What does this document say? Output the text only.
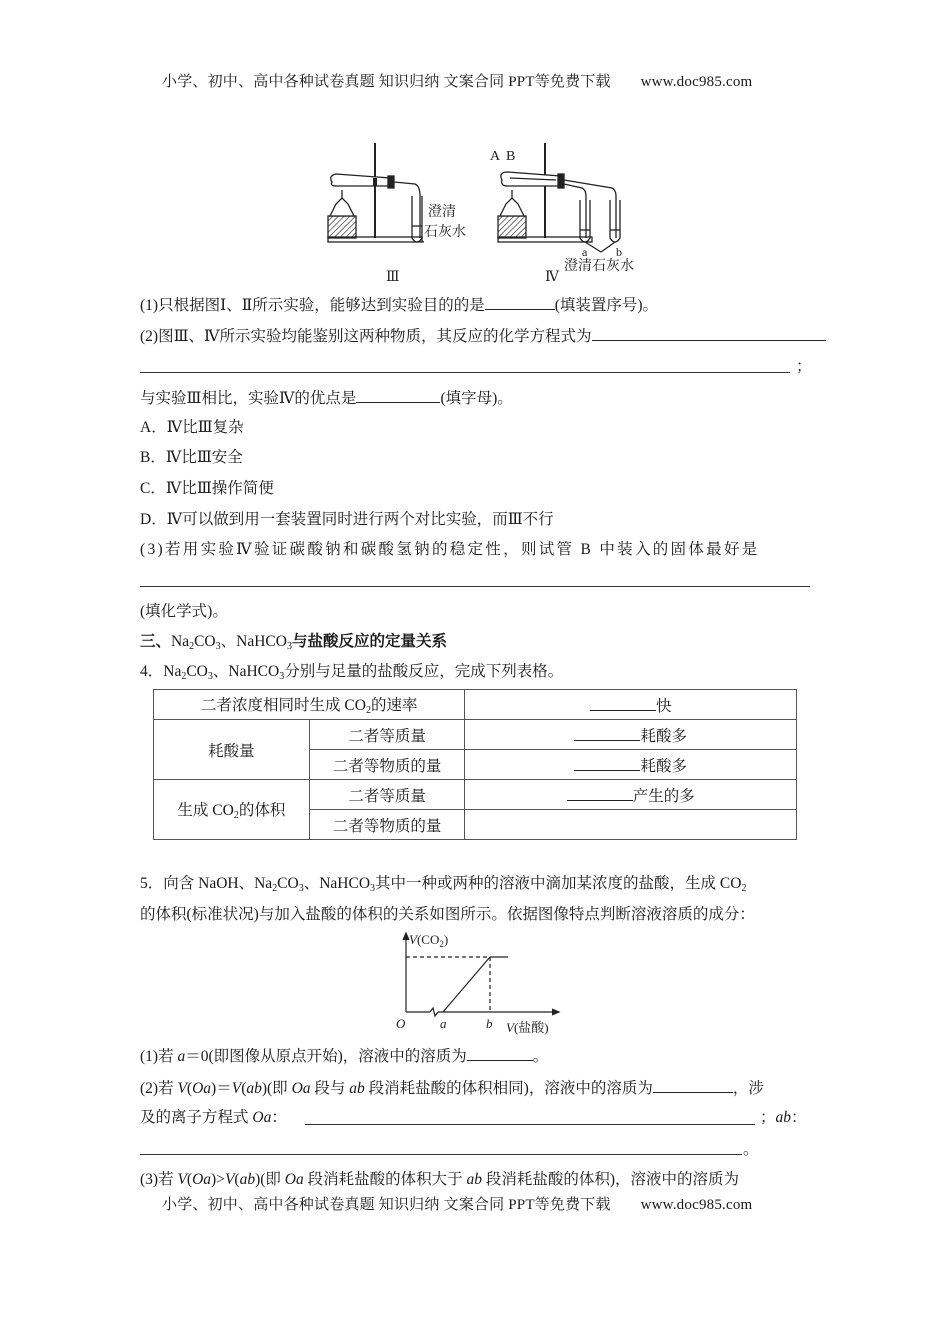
小学、初中、高中各种试卷真题 知识归纳 文案合同 PPT等免费下载 www.doc985.com
澄清
石灰水
Ⅲ
A B
a b
澄清石灰水
Ⅳ
(1)只根据图Ⅰ、Ⅱ所示实验，能够达到实验目的的是	(填装置序号)。
(2)图Ⅲ、Ⅳ所示实验均能鉴别这两种物质，其反应的化学方程式为
；
与实验Ⅲ相比，实验Ⅳ的优点是	(填字母)。
A．Ⅳ比Ⅲ复杂
B．Ⅳ比Ⅲ安全
C．Ⅳ比Ⅲ操作简便
D．Ⅳ可以做到用一套装置同时进行两个对比实验，而Ⅲ不行
(3)若用实验Ⅳ验证碳酸钠和碳酸氢钠的稳定性，则试管 B 中装入的固体最好是
(填化学式)。
三、$Na_2CO_3$、NaHCO$_3$与盐酸反应的定量关系
4．$Na_2CO_3$、NaHCO$_3$分别与足量的盐酸反应，完成下列表格。
二者浓度相同时生成 $CO_2$的速率		快
耗酸量	二者等质量	耗酸多
	二者等物质的量	耗酸多
生成 $CO_2$的体积	二者等质量	产生的多
	二者等物质的量	
5．向含 NaOH、$Na_2CO_3$、NaHCO$_3$其中一种或两种的溶液中滴加某浓度的盐酸，生成 $CO_2$
的体积(标准状况)与加入盐酸的体积的关系如图所示。依据图像特点判断溶液溶质的成分：
$V(CO_2)$
O	a	b V(盐酸)
(1)若 a＝0(即图像从原点开始)，溶液中的溶质为	。
(2)若 V(Oa)＝V(ab)(即 Oa 段与 ab 段消耗盐酸的体积相同)，溶液中的溶质为	，涉
及的离子方程式 Oa：	；ab：
。
(3)若 V(Oa)>V(ab)(即 Oa 段消耗盐酸的体积大于 ab 段消耗盐酸的体积)，溶液中的溶质为
小学、初中、高中各种试卷真题 知识归纳 文案合同 PPT等免费下载 www.doc985.com
